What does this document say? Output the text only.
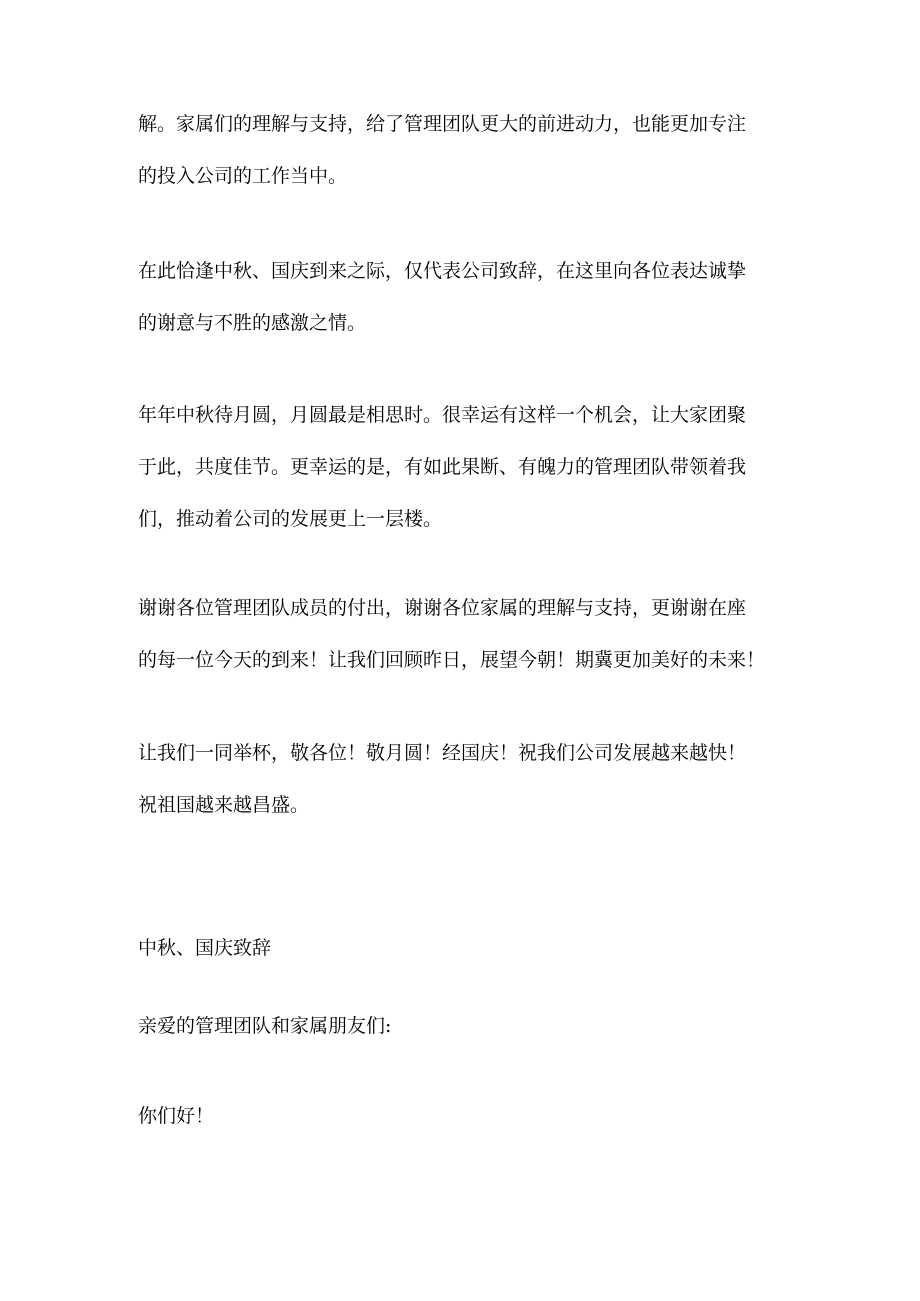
解。家属们的理解与支持，给了管理团队更大的前进动力，也能更加专注
的投入公司的工作当中。
在此恰逢中秋、国庆到来之际，仅代表公司致辞，在这里向各位表达诚挚
的谢意与不胜的感激之情。
年年中秋待月圆，月圆最是相思时。很幸运有这样一个机会，让大家团聚
于此，共度佳节。更幸运的是，有如此果断、有魄力的管理团队带领着我
们，推动着公司的发展更上一层楼。
谢谢各位管理团队成员的付出，谢谢各位家属的理解与支持，更谢谢在座
的每一位今天的到来！让我们回顾昨日，展望今朝！期冀更加美好的未来！
让我们一同举杯，敬各位！敬月圆！经国庆！祝我们公司发展越来越快！
祝祖国越来越昌盛。
中秋、国庆致辞
亲爱的管理团队和家属朋友们:
你们好！
